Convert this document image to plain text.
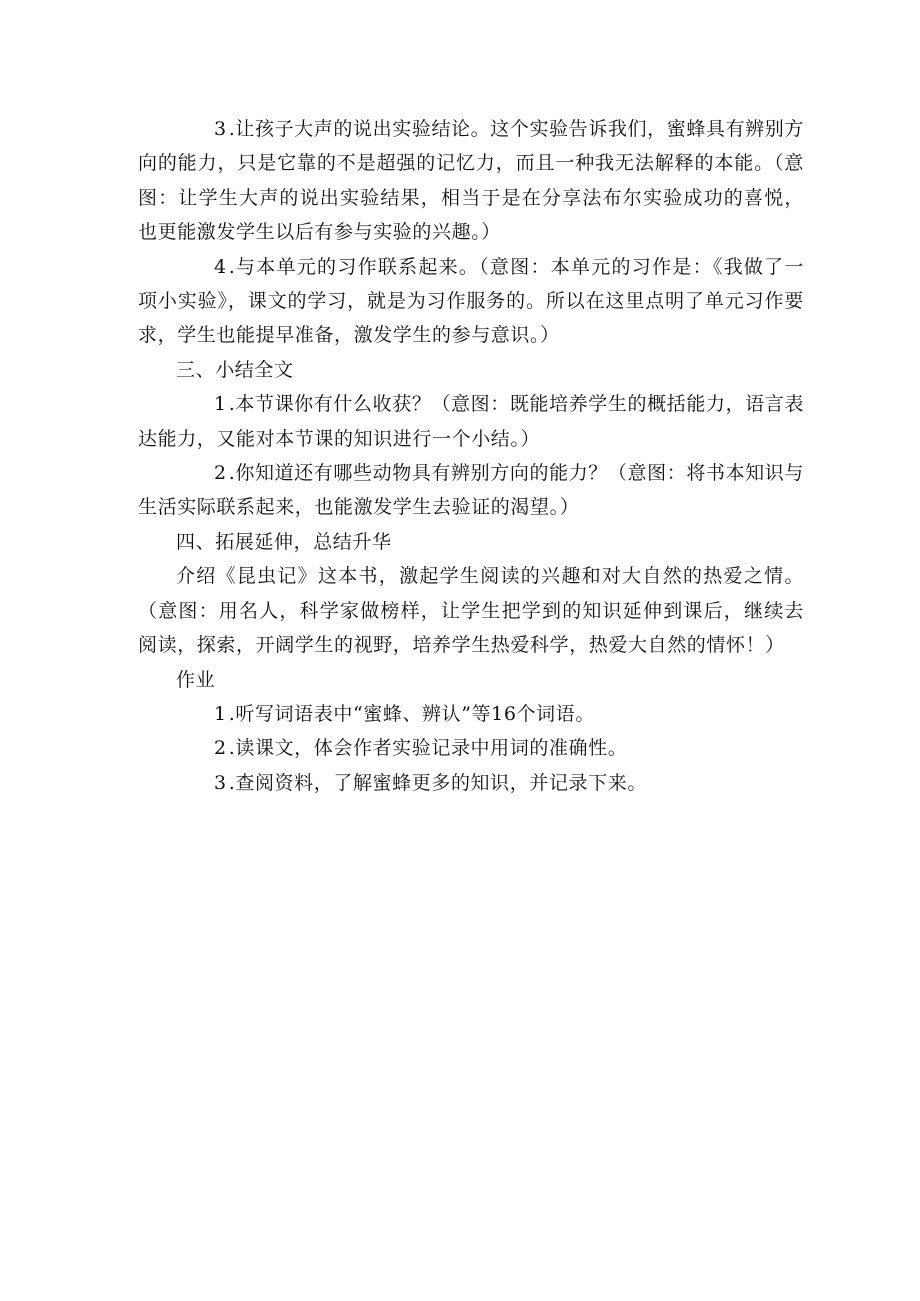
3 .让孩子大声的说出实验结论。这个实验告诉我们，蜜蜂具有辨别方向的能力，只是它靠的不是超强的记忆力，而且一种我无法解释的本能。（意图：让学生大声的说出实验结果，相当于是在分享法布尔实验成功的喜悦，也更能激发学生以后有参与实验的兴趣。）

4 .与本单元的习作联系起来。（意图：本单元的习作是：《我做了一项小实验》，课文的学习，就是为习作服务的。所以在这里点明了单元习作要求，学生也能提早准备，激发学生的参与意识。）

三、小结全文

1 .本节课你有什么收获？（意图：既能培养学生的概括能力，语言表达能力，又能对本节课的知识进行一个小结。）

2 .你知道还有哪些动物具有辨别方向的能力？（意图：将书本知识与生活实际联系起来，也能激发学生去验证的渴望。）

四、拓展延伸，总结升华

介绍《昆虫记》这本书，激起学生阅读的兴趣和对大自然的热爱之情。（意图：用名人，科学家做榜样，让学生把学到的知识延伸到课后，继续去阅读，探索，开阔学生的视野，培养学生热爱科学，热爱大自然的情怀！）

作业

1 .听写词语表中“蜜蜂、辨认”等16个词语。

2 .读课文，体会作者实验记录中用词的准确性。

3 .查阅资料，了解蜜蜂更多的知识，并记录下来。
